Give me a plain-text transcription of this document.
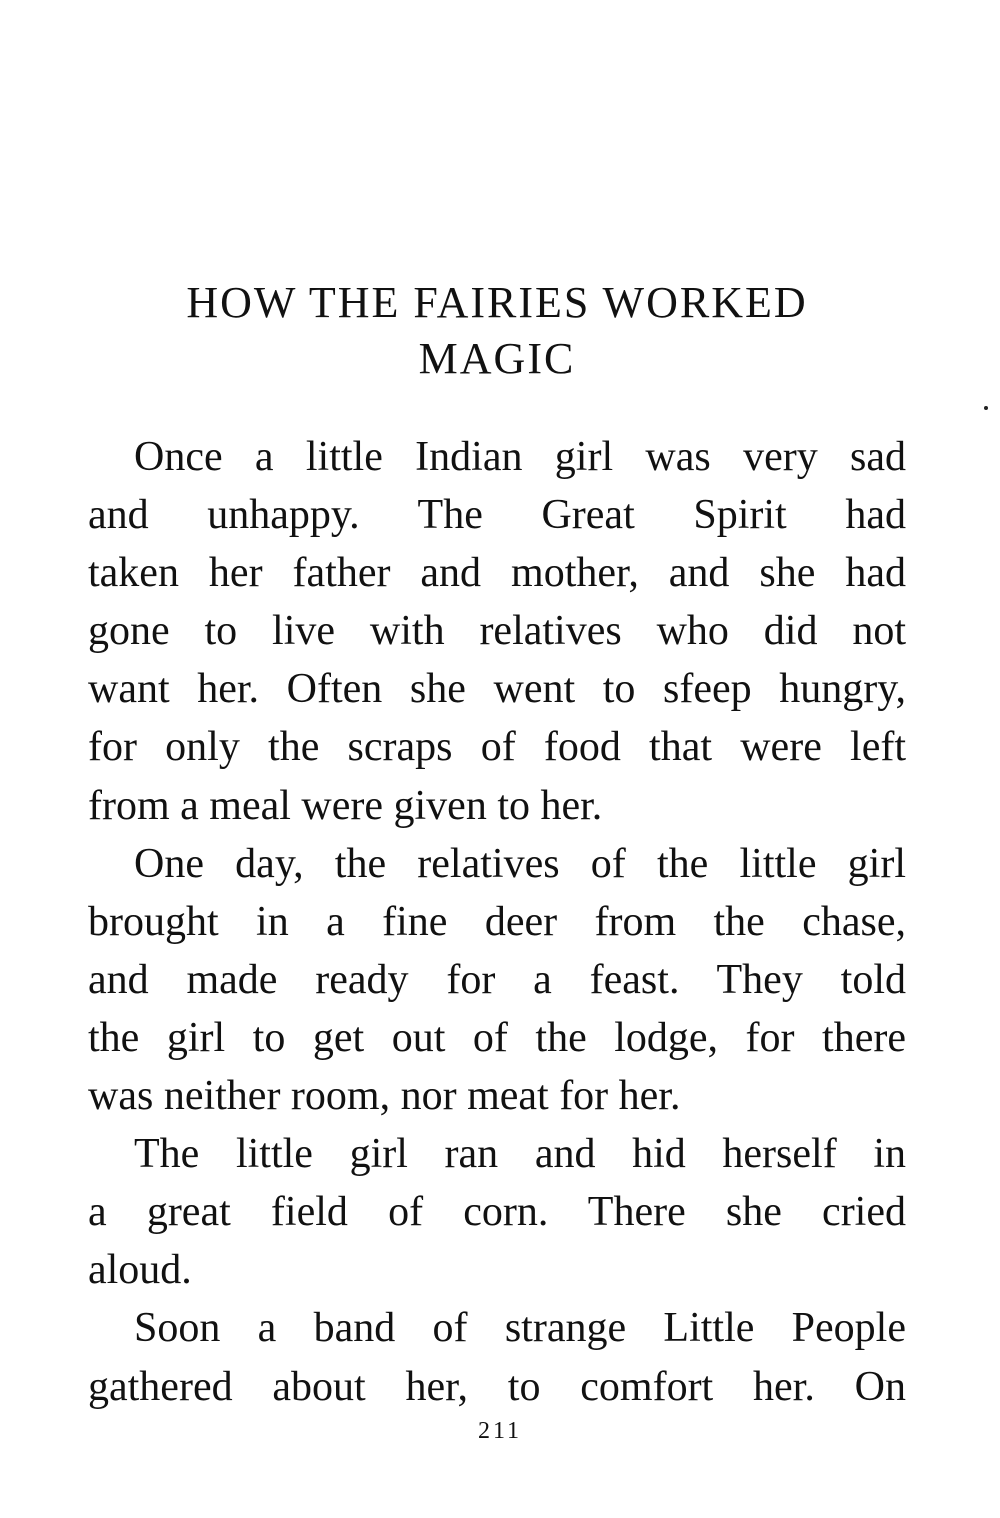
HOW THE FAIRIES WORKED
MAGIC

Once a little Indian girl was very sad
and unhappy. The Great Spirit had
taken her father and mother, and she had
gone to live with relatives who did not
want her. Often she went to sfeep hungry,
for only the scraps of food that were left
from a meal were given to her.

One day, the relatives of the little girl
brought in a fine deer from the chase,
and made ready for a feast. They told
the girl to get out of the lodge, for there
was neither room, nor meat for her.

The little girl ran and hid herself in
a great field of corn. There she cried
aloud.

Soon a band of strange Little People
gathered about her, to comfort her. On

211
